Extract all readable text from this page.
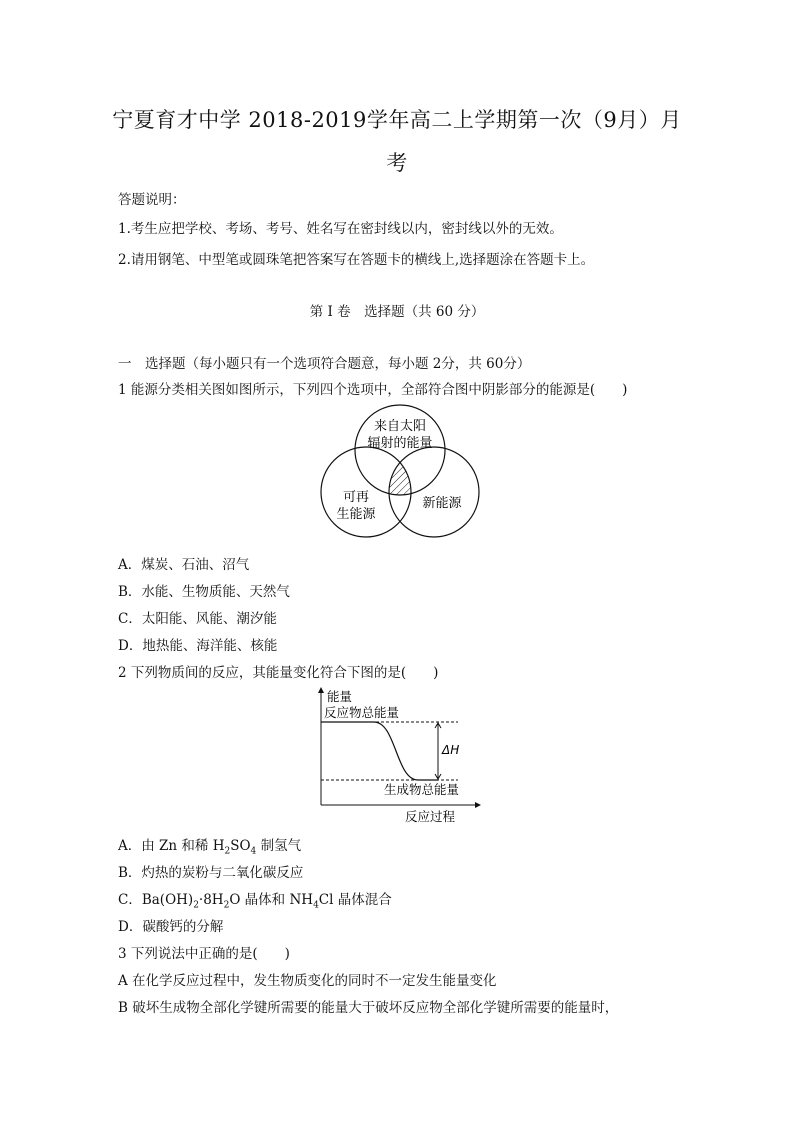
宁夏育才中学 2018-2019学年高二上学期第一次（9月）月
考
答题说明：
1.考生应把学校、考场、考号、姓名写在密封线以内，密封线以外的无效。
2.请用钢笔、中型笔或圆珠笔把答案写在答题卡的横线上,选择题涂在答题卡上。
第 I 卷　选择题（共 60 分）
一　选择题（每小题只有一个选项符合题意，每小题 2分，共 60分）
1 能源分类相关图如图所示，下列四个选项中，全部符合图中阴影部分的能源是(　　)
来自太阳
辐射的能量
可再
生能源
新能源
A．煤炭、石油、沼气
B．水能、生物质能、天然气
C．太阳能、风能、潮汐能
D．地热能、海洋能、核能
2 下列物质间的反应，其能量变化符合下图的是(　　)
能量
反应物总能量
ΔH
生成物总能量
反应过程
A．由 Zn 和稀 $H_2SO_4$ 制氢气
B．灼热的炭粉与二氧化碳反应
C．$Ba(OH)_2\cdot 8H_2O$ 晶体和 $NH_4Cl$ 晶体混合
D．碳酸钙的分解
3 下列说法中正确的是(　　)
A 在化学反应过程中，发生物质变化的同时不一定发生能量变化
B 破坏生成物全部化学键所需要的能量大于破坏反应物全部化学键所需要的能量时，
